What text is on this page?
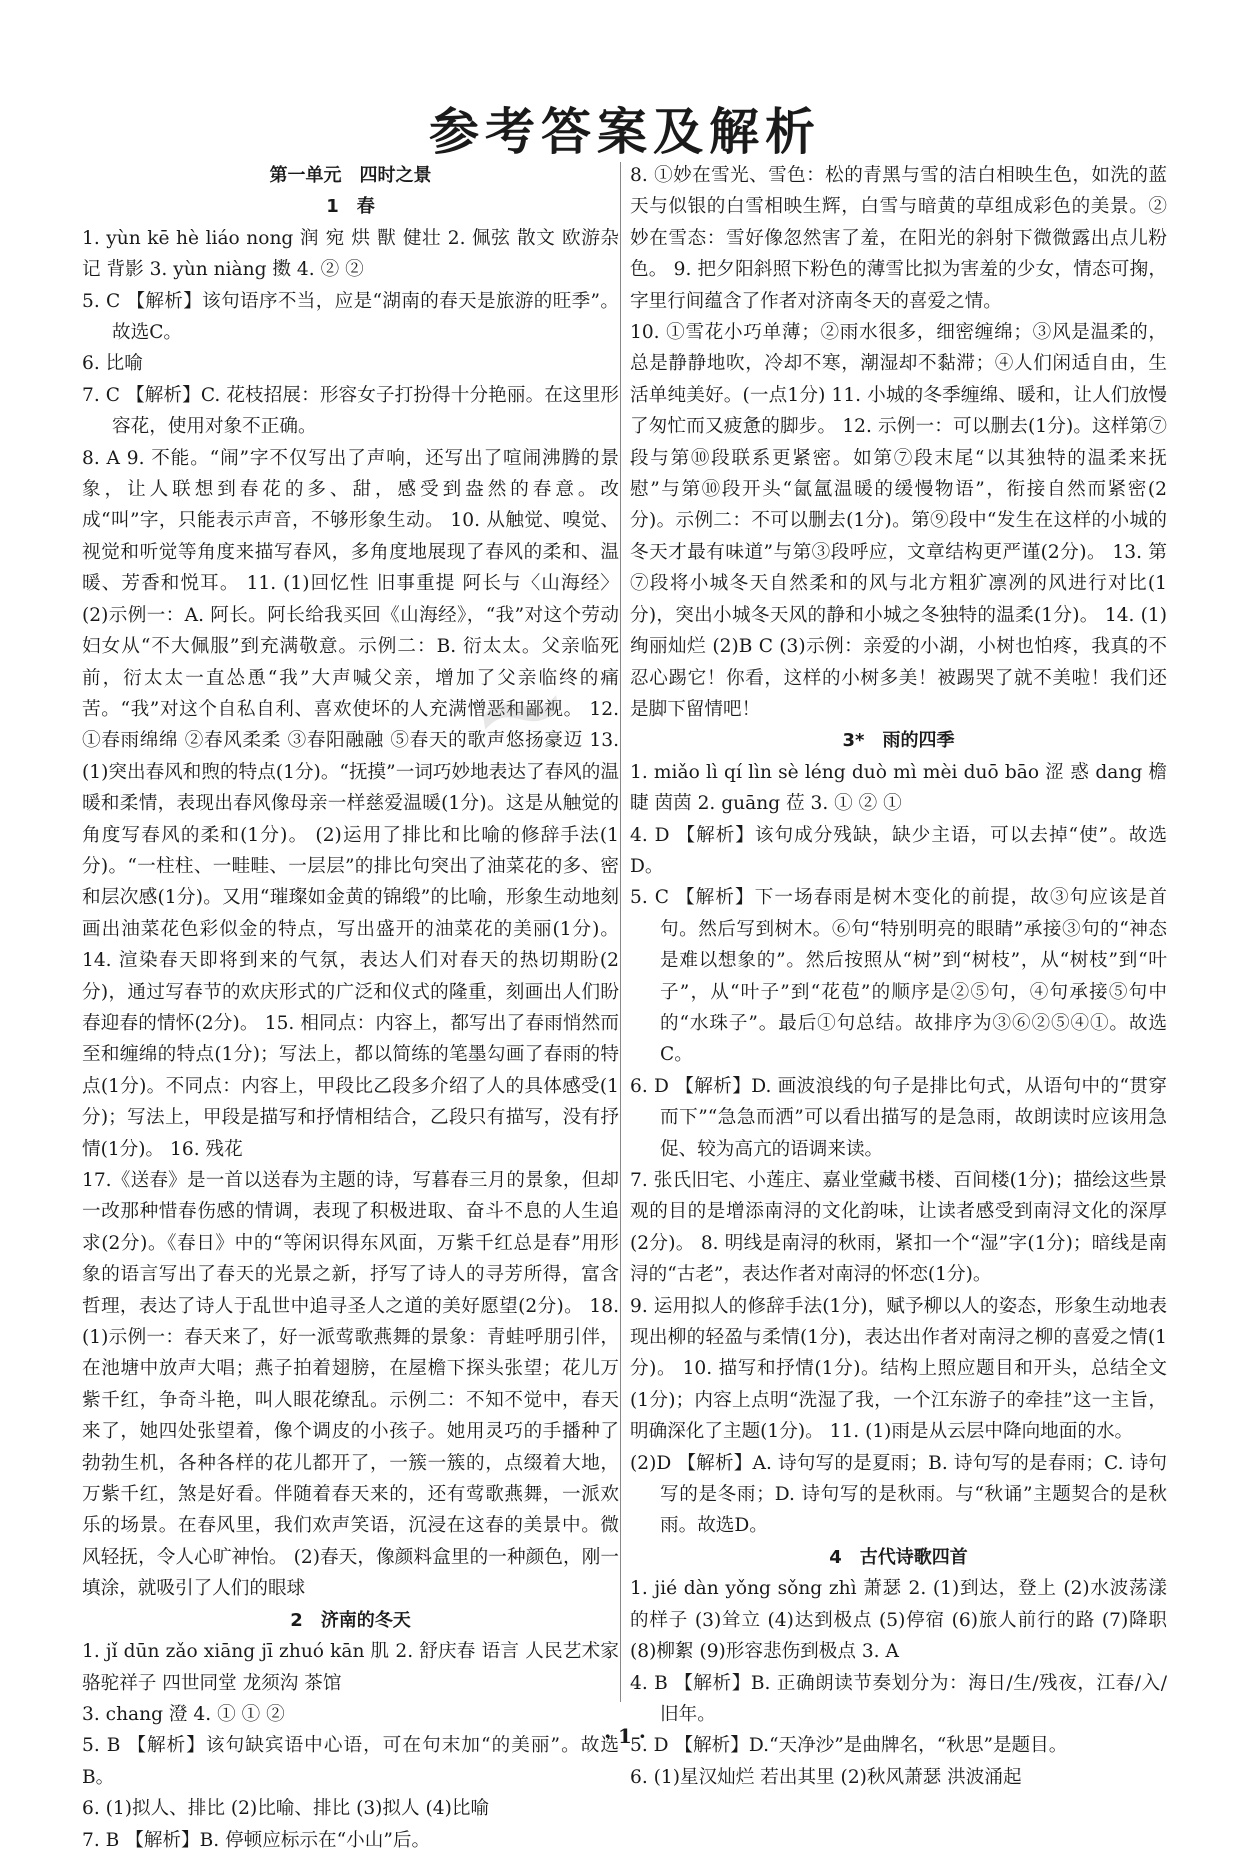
参考答案及解析
第一单元　四时之景
1　春
1. yùn kē hè liáo nong 润 宛 烘 獸 健壮 2. 佩弦 散文 欧游杂记 背影 3. yùn niàng 擞 4. ② ②
5. C 【解析】该句语序不当，应是“湖南的春天是旅游的旺季”。故选C。
6. 比喻
7. C 【解析】C. 花枝招展：形容女子打扮得十分艳丽。在这里形容花，使用对象不正确。
8. A 9. 不能。“闹”字不仅写出了声响，还写出了喧闹沸腾的景象，让人联想到春花的多、甜，感受到盎然的春意。改成“叫”字，只能表示声音，不够形象生动。 10. 从触觉、嗅觉、视觉和听觉等角度来描写春风，多角度地展现了春风的柔和、温暖、芳香和悦耳。 11. (1)回忆性 旧事重提 阿长与〈山海经〉 (2)示例一：A. 阿长。阿长给我买回《山海经》，“我”对这个劳动妇女从“不大佩服”到充满敬意。示例二：B. 衍太太。父亲临死前，衍太太一直怂恿“我”大声喊父亲，增加了父亲临终的痛苦。“我”对这个自私自利、喜欢使坏的人充满憎恶和鄙视。 12. ①春雨绵绵 ②春风柔柔 ③春阳融融 ⑤春天的歌声悠扬豪迈 13. (1)突出春风和煦的特点(1分)。“抚摸”一词巧妙地表达了春风的温暖和柔情，表现出春风像母亲一样慈爱温暖(1分)。这是从触觉的角度写春风的柔和(1分)。 (2)运用了排比和比喻的修辞手法(1分)。“一柱柱、一畦畦、一层层”的排比句突出了油菜花的多、密和层次感(1分)。又用“璀璨如金黄的锦缎”的比喻，形象生动地刻画出油菜花色彩似金的特点，写出盛开的油菜花的美丽(1分)。 14. 渲染春天即将到来的气氛，表达人们对春天的热切期盼(2分)，通过写春节的欢庆形式的广泛和仪式的隆重，刻画出人们盼春迎春的情怀(2分)。 15. 相同点：内容上，都写出了春雨悄然而至和缠绵的特点(1分)；写法上，都以简练的笔墨勾画了春雨的特点(1分)。不同点：内容上，甲段比乙段多介绍了人的具体感受(1分)；写法上，甲段是描写和抒情相结合，乙段只有描写，没有抒情(1分)。 16. 残花
17.《送春》是一首以送春为主题的诗，写暮春三月的景象，但却一改那种惜春伤感的情调，表现了积极进取、奋斗不息的人生追求(2分)。《春日》中的“等闲识得东风面，万紫千红总是春”用形象的语言写出了春天的光景之新，抒写了诗人的寻芳所得，富含哲理，表达了诗人于乱世中追寻圣人之道的美好愿望(2分)。 18. (1)示例一：春天来了，好一派莺歌燕舞的景象：青蛙呼朋引伴，在池塘中放声大唱；燕子拍着翅膀，在屋檐下探头张望；花儿万紫千红，争奇斗艳，叫人眼花缭乱。示例二：不知不觉中，春天来了，她四处张望着，像个调皮的小孩子。她用灵巧的手播种了勃勃生机，各种各样的花儿都开了，一簇一簇的，点缀着大地，万紫千红，煞是好看。伴随着春天来的，还有莺歌燕舞，一派欢乐的场景。在春风里，我们欢声笑语，沉浸在这春的美景中。微风轻抚，令人心旷神怡。 (2)春天，像颜料盒里的一种颜色，刚一填涂，就吸引了人们的眼球
2　济南的冬天
1. jǐ dūn zǎo xiāng jī zhuó kān 肌 2. 舒庆春 语言 人民艺术家 骆驼祥子 四世同堂 龙须沟 茶馆
3. chang 澄 4. ① ① ②
5. B 【解析】该句缺宾语中心语，可在句末加“的美丽”。故选B。
6. (1)拟人、排比 (2)比喻、排比 (3)拟人 (4)比喻
7. B 【解析】B. 停顿应标示在“小山”后。
8. ①妙在雪光、雪色：松的青黑与雪的洁白相映生色，如洗的蓝天与似银的白雪相映生辉，白雪与暗黄的草组成彩色的美景。②妙在雪态：雪好像忽然害了羞，在阳光的斜射下微微露出点儿粉色。 9. 把夕阳斜照下粉色的薄雪比拟为害羞的少女，情态可掬，字里行间蕴含了作者对济南冬天的喜爱之情。
10. ①雪花小巧单薄；②雨水很多，细密缠绵；③风是温柔的，总是静静地吹，冷却不寒，潮湿却不黏滞；④人们闲适自由，生活单纯美好。(一点1分) 11. 小城的冬季缠绵、暖和，让人们放慢了匆忙而又疲惫的脚步。 12. 示例一：可以删去(1分)。这样第⑦段与第⑩段联系更紧密。如第⑦段末尾“以其独特的温柔来抚慰”与第⑩段开头“氤氲温暖的缓慢物语”，衔接自然而紧密(2分)。示例二：不可以删去(1分)。第⑨段中“发生在这样的小城的冬天才最有味道”与第③段呼应，文章结构更严谨(2分)。 13. 第⑦段将小城冬天自然柔和的风与北方粗犷凛冽的风进行对比(1分)，突出小城冬天风的静和小城之冬独特的温柔(1分)。 14. (1)绚丽灿烂 (2)B C (3)示例：亲爱的小湖，小树也怕疼，我真的不忍心踢它！你看，这样的小树多美！被踢哭了就不美啦！我们还是脚下留情吧！
3*　雨的四季
1. miǎo lì qí lìn sè léng duò mì mèi duō bāo 涩 惑 dang 檐 睫 茵茵 2. guāng 莅 3. ① ② ①
4. D 【解析】该句成分残缺，缺少主语，可以去掉“使”。故选D。
5. C 【解析】下一场春雨是树木变化的前提，故③句应该是首句。然后写到树木。⑥句“特别明亮的眼睛”承接③句的“神态是难以想象的”。然后按照从“树”到“树枝”，从“树枝”到“叶子”，从“叶子”到“花苞”的顺序是②⑤句，④句承接⑤句中的“水珠子”。最后①句总结。故排序为③⑥②⑤④①。故选C。
6. D 【解析】D. 画波浪线的句子是排比句式，从语句中的“贯穿而下”“急急而洒”可以看出描写的是急雨，故朗读时应该用急促、较为高亢的语调来读。
7. 张氏旧宅、小莲庄、嘉业堂藏书楼、百间楼(1分)；描绘这些景观的目的是增添南浔的文化韵味，让读者感受到南浔文化的深厚(2分)。 8. 明线是南浔的秋雨，紧扣一个“湿”字(1分)；暗线是南浔的“古老”，表达作者对南浔的怀恋(1分)。
9. 运用拟人的修辞手法(1分)，赋予柳以人的姿态，形象生动地表现出柳的轻盈与柔情(1分)，表达出作者对南浔之柳的喜爱之情(1分)。 10. 描写和抒情(1分)。结构上照应题目和开头，总结全文(1分)；内容上点明“洗湿了我，一个江东游子的牵挂”这一主旨，明确深化了主题(1分)。 11. (1)雨是从云层中降向地面的水。
(2)D 【解析】A. 诗句写的是夏雨；B. 诗句写的是春雨；C. 诗句写的是冬雨；D. 诗句写的是秋雨。与“秋诵”主题契合的是秋雨。故选D。
4　古代诗歌四首
1. jié dàn yǒng sǒng zhì 萧瑟 2. (1)到达，登上 (2)水波荡漾的样子 (3)耸立 (4)达到极点 (5)停宿 (6)旅人前行的路 (7)降职 (8)柳絮 (9)形容悲伤到极点 3. A
4. B 【解析】B. 正确朗读节奏划分为：海日/生/残夜，江春/入/旧年。
5. D 【解析】D.“天净沙”是曲牌名，“秋思”是题目。
6. (1)星汉灿烂 若出其里 (2)秋风萧瑟 洪波涌起
· 1 ·
~
